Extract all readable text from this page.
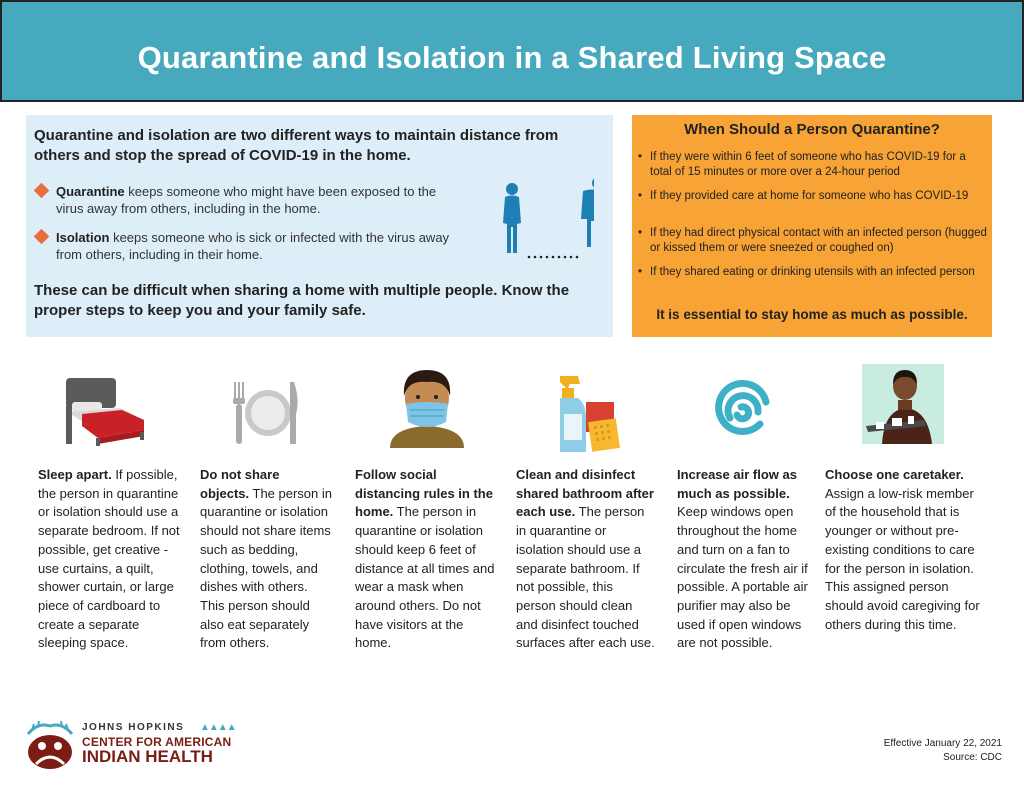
Quarantine and Isolation in a Shared Living Space
Quarantine and isolation are two different ways to maintain distance from others and stop the spread of COVID-19 in the home.
Quarantine keeps someone who might have been exposed to the virus away from others, including in the home.
Isolation keeps someone who is sick or infected with the virus away from others, including in their home.
These can be difficult when sharing a home with multiple people. Know the proper steps to keep you and your family safe.
When Should a Person Quarantine?
• If they were within 6 feet of someone who has COVID-19 for a total of 15 minutes or more over a 24-hour period
• If they provided care at home for someone who has COVID-19
• If they had direct physical contact with an infected person (hugged or kissed them or were sneezed or coughed on)
• If they shared eating or drinking utensils with an infected person
It is essential to stay home as much as possible.
Sleep apart. If possible, the person in quarantine or isolation should use a separate bedroom. If not possible, get creative - use curtains, a quilt, shower curtain, or large piece of cardboard to create a separate sleeping space.
Do not share objects. The person in quarantine or isolation should not share items such as bedding, clothing, towels, and dishes with others. This person should also eat separately from others.
Follow social distancing rules in the home. The person in quarantine or isolation should keep 6 feet of distance at all times and wear a mask when around others. Do not have visitors at the home.
Clean and disinfect shared bathroom after each use. The person in quarantine or isolation should use a separate bathroom. If not possible, this person should clean and disinfect touched surfaces after each use.
Increase air flow as much as possible. Keep windows open throughout the home and turn on a fan to circulate the fresh air if possible. A portable air purifier may also be used if open windows are not possible.
Choose one caretaker. Assign a low-risk member of the household that is younger or without pre-existing conditions to care for the person in isolation. This assigned person should avoid caregiving for others during this time.
JOHNS HOPKINS ▲▲▲▲
CENTER FOR AMERICAN
INDIAN HEALTH
Effective January 22, 2021
Source: CDC
